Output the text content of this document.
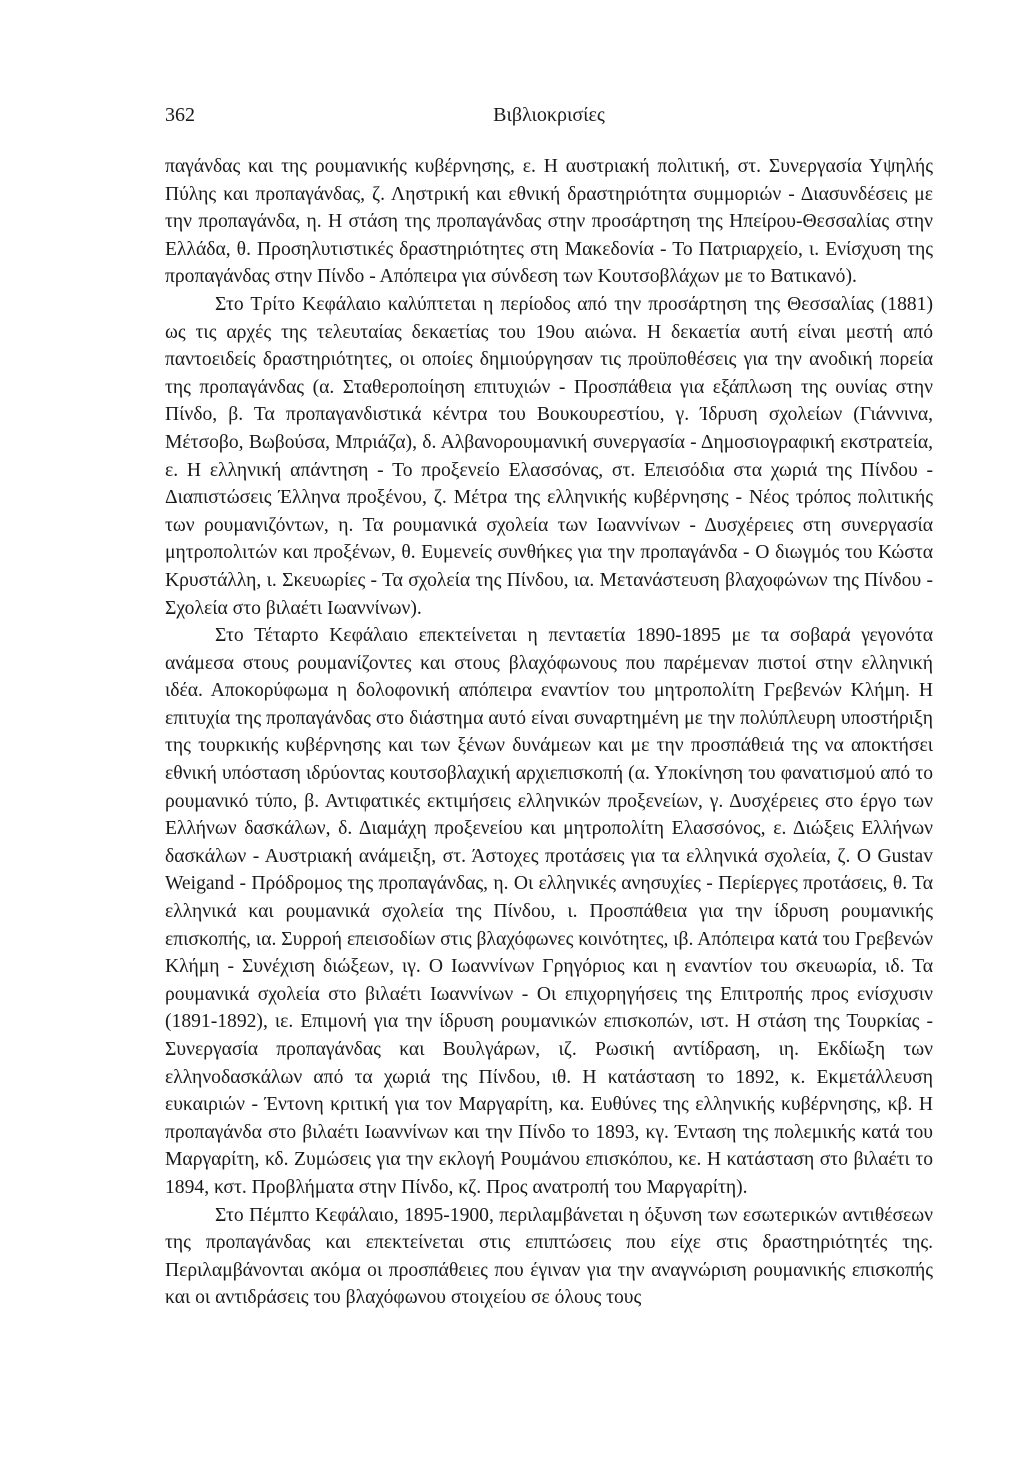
362	Βιβλιοκρισίες

παγάνδας και της ρουμανικής κυβέρνησης, ε. Η αυστριακή πολιτική, στ. Συνεργασία Υψηλής Πύλης και προπαγάνδας, ζ. Ληστρική και εθνική δραστηριότητα συμμοριών - Διασυνδέσεις με την προπαγάνδα, η. Η στάση της προπαγάνδας στην προσάρτηση της Ηπείρου-Θεσσαλίας στην Ελλάδα, θ. Προσηλυτιστικές δραστηριότητες στη Μακεδονία - Το Πατριαρχείο, ι. Ενίσχυση της προπαγάνδας στην Πίνδο - Απόπειρα για σύνδεση των Κουτσοβλάχων με το Βατικανό).

Στο Τρίτο Κεφάλαιο καλύπτεται η περίοδος από την προσάρτηση της Θεσσαλίας (1881) ως τις αρχές της τελευταίας δεκαετίας του 19ου αιώνα. Η δεκαετία αυτή είναι μεστή από παντοειδείς δραστηριότητες, οι οποίες δημιούργησαν τις προϋποθέσεις για την ανοδική πορεία της προπαγάνδας (α. Σταθεροποίηση επιτυχιών - Προσπάθεια για εξάπλωση της ουνίας στην Πίνδο, β. Τα προπαγανδιστικά κέντρα του Βουκουρεστίου, γ. Ίδρυση σχολείων (Γιάννινα, Μέτσοβο, Βωβούσα, Μπριάζα), δ. Αλβανορουμανική συνεργασία - Δημοσιογραφική εκστρατεία, ε. Η ελληνική απάντηση - Το προξενείο Ελασσόνας, στ. Επεισόδια στα χωριά της Πίνδου - Διαπιστώσεις Έλληνα προξένου, ζ. Μέτρα της ελληνικής κυβέρνησης - Νέος τρόπος πολιτικής των ρουμανιζόντων, η. Τα ρουμανικά σχολεία των Ιωαννίνων - Δυσχέρειες στη συνεργασία μητροπολιτών και προξένων, θ. Ευμενείς συνθήκες για την προπαγάνδα - Ο διωγμός του Κώστα Κρυστάλλη, ι. Σκευωρίες - Τα σχολεία της Πίνδου, ια. Μετανάστευση βλαχοφώνων της Πίνδου - Σχολεία στο βιλαέτι Ιωαννίνων).

Στο Τέταρτο Κεφάλαιο επεκτείνεται η πενταετία 1890-1895 με τα σοβαρά γεγονότα ανάμεσα στους ρουμανίζοντες και στους βλαχόφωνους που παρέμεναν πιστοί στην ελληνική ιδέα. Αποκορύφωμα η δολοφονική απόπειρα εναντίον του μητροπολίτη Γρεβενών Κλήμη. Η επιτυχία της προπαγάνδας στο διάστημα αυτό είναι συναρτημένη με την πολύπλευρη υποστήριξη της τουρκικής κυβέρνησης και των ξένων δυνάμεων και με την προσπάθειά της να αποκτήσει εθνική υπόσταση ιδρύοντας κουτσοβλαχική αρχιεπισκοπή (α. Υποκίνηση του φανατισμού από το ρουμανικό τύπο, β. Αντιφατικές εκτιμήσεις ελληνικών προξενείων, γ. Δυσχέρειες στο έργο των Ελλήνων δασκάλων, δ. Διαμάχη προξενείου και μητροπολίτη Ελασσόνος, ε. Διώξεις Ελλήνων δασκάλων - Αυστριακή ανάμειξη, στ. Άστοχες προτάσεις για τα ελληνικά σχολεία, ζ. Ο Gustav Weigand - Πρόδρομος της προπαγάνδας, η. Οι ελληνικές ανησυχίες - Περίεργες προτάσεις, θ. Τα ελληνικά και ρουμανικά σχολεία της Πίνδου, ι. Προσπάθεια για την ίδρυση ρουμανικής επισκοπής, ια. Συρροή επεισοδίων στις βλαχόφωνες κοινότητες, ιβ. Απόπειρα κατά του Γρεβενών Κλήμη - Συνέχιση διώξεων, ιγ. Ο Ιωαννίνων Γρηγόριος και η εναντίον του σκευωρία, ιδ. Τα ρουμανικά σχολεία στο βιλαέτι Ιωαννίνων - Οι επιχορηγήσεις της Επιτροπής προς ενίσχυσιν (1891-1892), ιε. Επιμονή για την ίδρυση ρουμανικών επισκοπών, ιστ. Η στάση της Τουρκίας - Συνεργασία προπαγάνδας και Βουλγάρων, ιζ. Ρωσική αντίδραση, ιη. Εκδίωξη των ελληνοδασκάλων από τα χωριά της Πίνδου, ιθ. Η κατάσταση το 1892, κ. Εκμετάλλευση ευκαιριών - Έντονη κριτική για τον Μαργαρίτη, κα. Ευθύνες της ελληνικής κυβέρνησης, κβ. Η προπαγάνδα στο βιλαέτι Ιωαννίνων και την Πίνδο το 1893, κγ. Ένταση της πολεμικής κατά του Μαργαρίτη, κδ. Ζυμώσεις για την εκλογή Ρουμάνου επισκόπου, κε. Η κατάσταση στο βιλαέτι το 1894, κστ. Προβλήματα στην Πίνδο, κζ. Προς ανατροπή του Μαργαρίτη).

Στο Πέμπτο Κεφάλαιο, 1895-1900, περιλαμβάνεται η όξυνση των εσωτερικών αντιθέσεων της προπαγάνδας και επεκτείνεται στις επιπτώσεις που είχε στις δραστηριότητές της. Περιλαμβάνονται ακόμα οι προσπάθειες που έγιναν για την αναγνώριση ρουμανικής επισκοπής και οι αντιδράσεις του βλαχόφωνου στοιχείου σε όλους τους
